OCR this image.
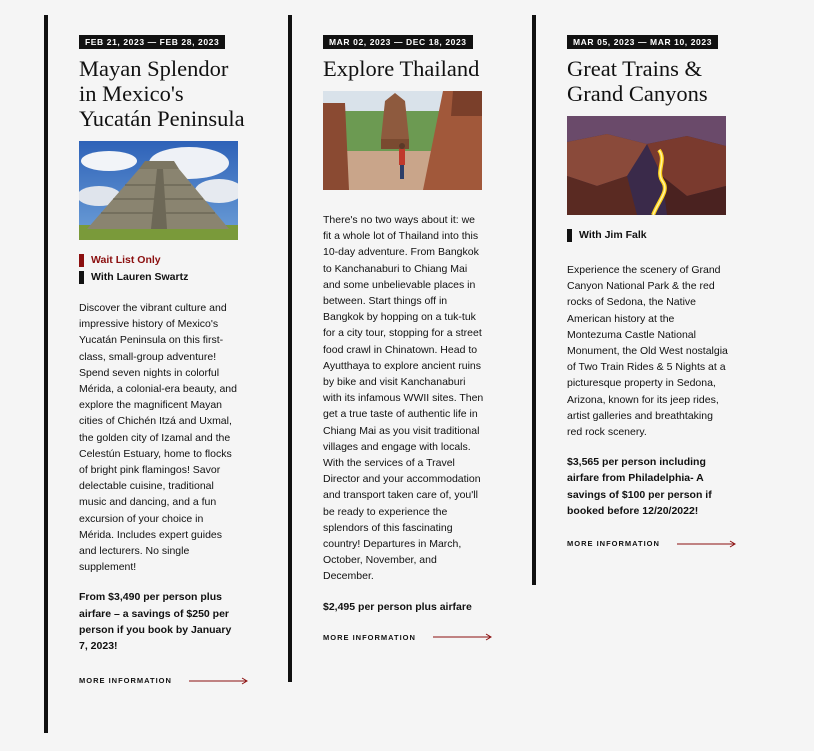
FEB 21, 2023 — FEB 28, 2023
Mayan Splendor in Mexico's Yucatán Peninsula
Wait List Only
With Lauren Swartz
Discover the vibrant culture and impressive history of Mexico's Yucatán Peninsula on this first-class, small-group adventure! Spend seven nights in colorful Mérida, a colonial-era beauty, and explore the magnificent Mayan cities of Chichén Itzá and Uxmal, the golden city of Izamal and the Celestún Estuary, home to flocks of bright pink flamingos! Savor delectable cuisine, traditional music and dancing, and a fun excursion of your choice in Mérida. Includes expert guides and lecturers. No single supplement!
From $3,490 per person plus airfare – a savings of $250 per person if you book by January 7, 2023!
MORE INFORMATION
MAR 02, 2023 — DEC 18, 2023
Explore Thailand
There's no two ways about it: we fit a whole lot of Thailand into this 10-day adventure. From Bangkok to Kanchanaburi to Chiang Mai and some unbelievable places in between. Start things off in Bangkok by hopping on a tuk-tuk for a city tour, stopping for a street food crawl in Chinatown. Head to Ayutthaya to explore ancient ruins by bike and visit Kanchanaburi with its infamous WWII sites. Then get a true taste of authentic life in Chiang Mai as you visit traditional villages and engage with locals. With the services of a Travel Director and your accommodation and transport taken care of, you'll be ready to experience the splendors of this fascinating country! Departures in March, October, November, and December.
$2,495 per person plus airfare
MORE INFORMATION
MAR 05, 2023 — MAR 10, 2023
Great Trains & Grand Canyons
With Jim Falk
Experience the scenery of Grand Canyon National Park & the red rocks of Sedona, the Native American history at the Montezuma Castle National Monument, the Old West nostalgia of Two Train Rides & 5 Nights at a picturesque property in Sedona, Arizona, known for its jeep rides, artist galleries and breathtaking red rock scenery.
$3,565 per person including airfare from Philadelphia- A savings of $100 per person if booked before 12/20/2022!
MORE INFORMATION
